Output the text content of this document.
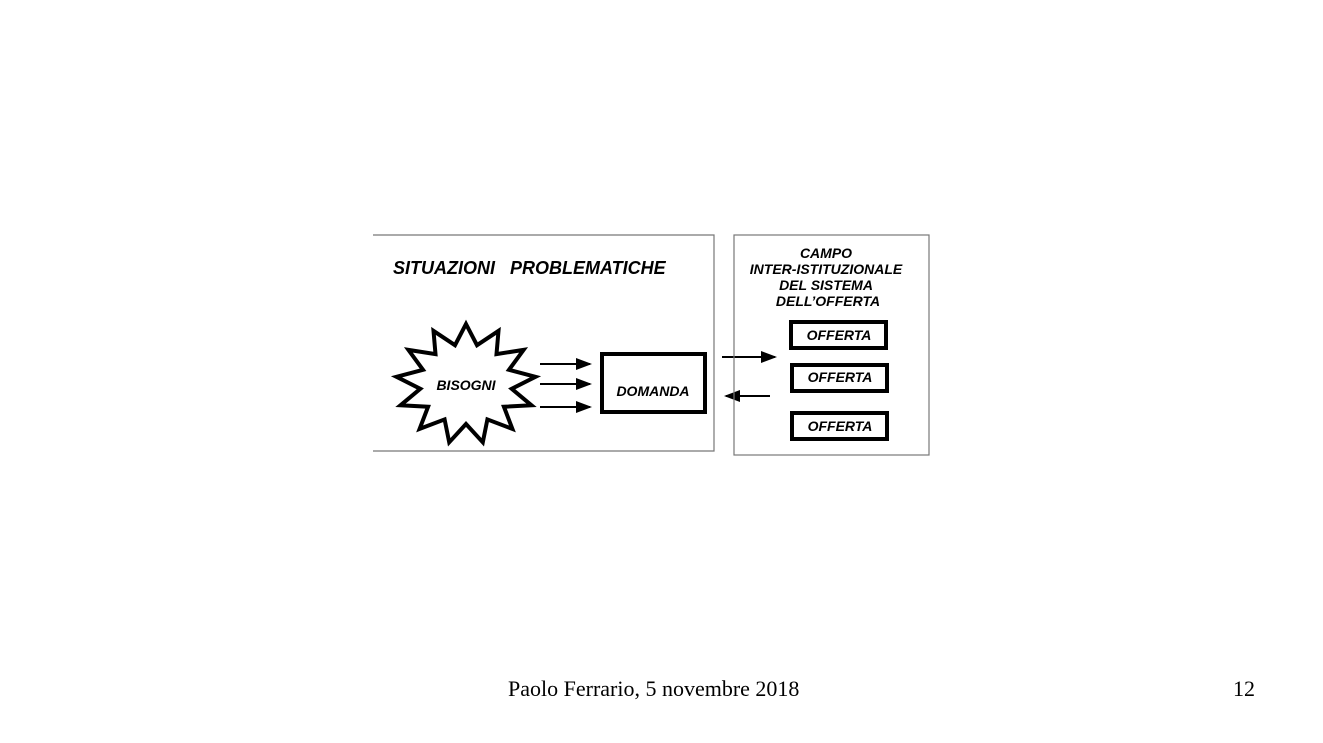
SITUAZIONI   PROBLEMATICHE
BISOGNI	DOMANDA
CAMPO
INTER-ISTITUZIONALE
DEL SISTEMA
DELL’OFFERTA
OFFERTA
OFFERTA
OFFERTA
Paolo Ferrario, 5 novembre 2018	12
